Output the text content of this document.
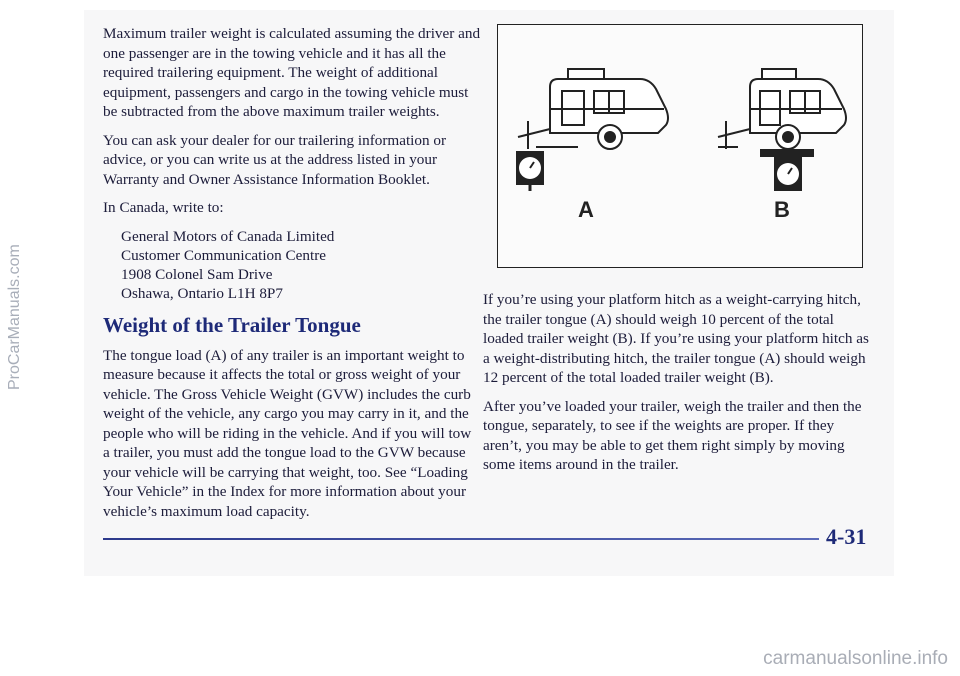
Maximum trailer weight is calculated assuming the driver and one passenger are in the towing vehicle and it has all the required trailering equipment. The weight of additional equipment, passengers and cargo in the towing vehicle must be subtracted from the above maximum trailer weights.

You can ask your dealer for our trailering information or advice, or you can write us at the address listed in your Warranty and Owner Assistance Information Booklet.

In Canada, write to:

General Motors of Canada Limited
Customer Communication Centre
1908 Colonel Sam Drive
Oshawa, Ontario L1H 8P7
Weight of the Trailer Tongue

The tongue load (A) of any trailer is an important weight to measure because it affects the total or gross weight of your vehicle. The Gross Vehicle Weight (GVW) includes the curb weight of the vehicle, any cargo you may carry in it, and the people who will be riding in the vehicle. And if you will tow a trailer, you must add the tongue load to the GVW because your vehicle will be carrying that weight, too. See “Loading Your Vehicle” in the Index for more information about your vehicle’s maximum load capacity.

A	B

If you’re using your platform hitch as a weight-carrying hitch, the trailer tongue (A) should weigh 10 percent of the total loaded trailer weight (B). If you’re using your platform hitch as a weight-distributing hitch, the trailer tongue (A) should weigh 12 percent of the total loaded trailer weight (B).

After you’ve loaded your trailer, weigh the trailer and then the tongue, separately, to see if the weights are proper. If they aren’t, you may be able to get them right simply by moving some items around in the trailer.

4-31
ProCarManuals.com
carmanualsonline.info
